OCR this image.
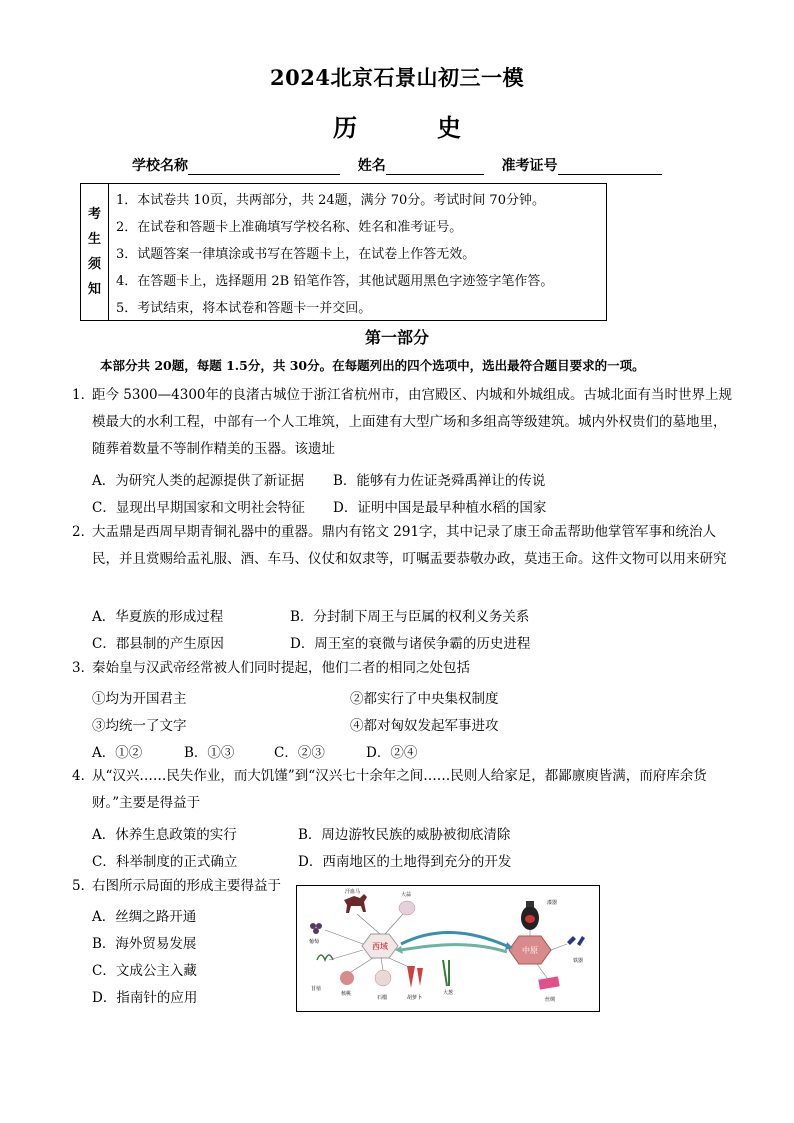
2024北京石景山初三一模
历　史
学校名称	姓名	准考证号
考
生
须
知
1．本试卷共 10页，共两部分，共 24题，满分 70分。考试时间 70分钟。
2．在试卷和答题卡上准确填写学校名称、姓名和准考证号。
3．试题答案一律填涂或书写在答题卡上，在试卷上作答无效。
4．在答题卡上，选择题用 2B 铅笔作答，其他试题用黑色字迹签字笔作答。
5．考试结束，将本试卷和答题卡一并交回。
第一部分
本部分共 20题，每题 1.5分，共 30分。在每题列出的四个选项中，选出最符合题目要求的一项。
1．
距今 5300—4300年的良渚古城位于浙江省杭州市，由宫殿区、内城和外城组成。古城北面有当时世界上规模最大的水利工程，中部有一个人工堆筑，上面建有大型广场和多组高等级建筑。城内外权贵们的墓地里，随葬着数量不等制作精美的玉器。该遗址
A．为研究人类的起源提供了新证据 B．能够有力佐证尧舜禹禅让的传说
C．显现出早期国家和文明社会特征 D．证明中国是最早种植水稻的国家
2．
大盂鼎是西周早期青铜礼器中的重器。鼎内有铭文 291字，其中记录了康王命盂帮助他掌管军事和统治人民，并且赏赐给盂礼服、酒、车马、仪仗和奴隶等，叮嘱盂要恭敬办政，莫违王命。这件文物可以用来研究
A．华夏族的形成过程	B．分封制下周王与臣属的权利义务关系
C．郡县制的产生原因	D．周王室的衰微与诸侯争霸的历史进程
3．
秦始皇与汉武帝经常被人们同时提起，他们二者的相同之处包括
①均为开国君主	②都实行了中央集权制度
③均统一了文字	④都对匈奴发起军事进攻
A．①②	B．①③	C．②③	D．②④
4．
从“汉兴……民失作业，而大饥馑”到“汉兴七十余年之间……民则人给家足，都鄙廪庾皆满，而府库余货财。”主要是得益于
A．休养生息政策的实行	B．周边游牧民族的威胁被彻底清除
C．科举制度的正式确立	D．西南地区的土地得到充分的开发
5．
右图所示局面的形成主要得益于
A．丝绸之路开通
B．海外贸易发展
C．文成公主入藏
D．指南针的应用
西域	中原
漆器
铁器
丝绸
汗血马	大蒜
葡萄
苜蓿
核桃
石榴	胡萝卜
大葱
